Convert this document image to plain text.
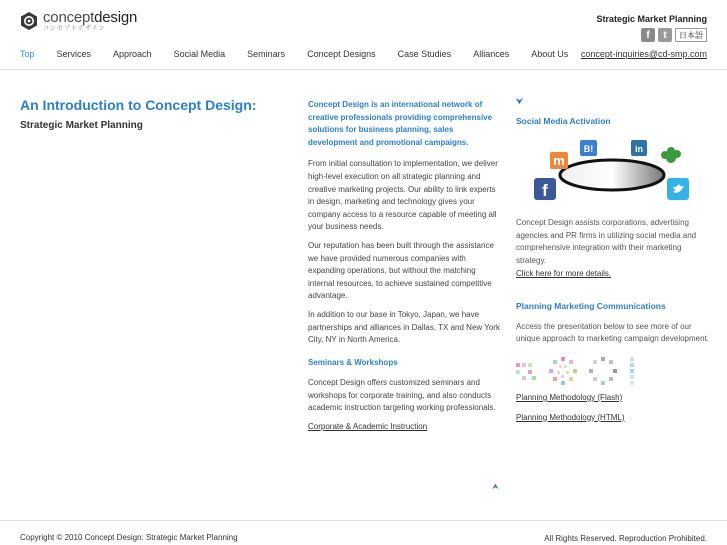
conceptdesign
コンセプトデザイン
Strategic Market Planning
f	t	日本語
Top Services Approach Social Media Seminars Concept Designs Case Studies Alliances About Us concept-inquiries@cd-smp.com
An Introduction to Concept Design:
Strategic Market Planning
Concept Design is an international network of creative professionals providing comprehensive solutions for business planning, sales development and promotional campaigns.

From initial consultation to implementation, we deliver high-level execution on all strategic planning and creative marketing projects. Our ability to link experts in design, marketing and technology gives your company access to a resource capable of meeting all your business needs.

Our reputation has been built through the assistance we have provided numerous companies with expanding operations, but without the matching internal resources, to achieve sustained competitive advantage.

In addition to our base in Tokyo, Japan, we have partnerships and alliances in Dallas, TX and New York City, NY in North America.

Seminars & Workshops

Concept Design offers customized seminars and workshops for corporate training, and also conducts academic instruction targeting working professionals.

Corporate & Academic Instruction
⮝
⮟
Social Media Activation
m
B!	in
f
Concept Design assists corporations, advertising agencies and PR firms in utilizing social media and comprehensive integration with their marketing strategy.
Click here for more details.
Planning Marketing Communications
Access the presentation below to see more of our unique approach to marketing campaign development.
Planning Methodology (Flash)
Planning Methodology (HTML)
Copyright © 2010 Concept Design: Strategic Market Planning	All Rights Reserved. Reproduction Prohibited.
